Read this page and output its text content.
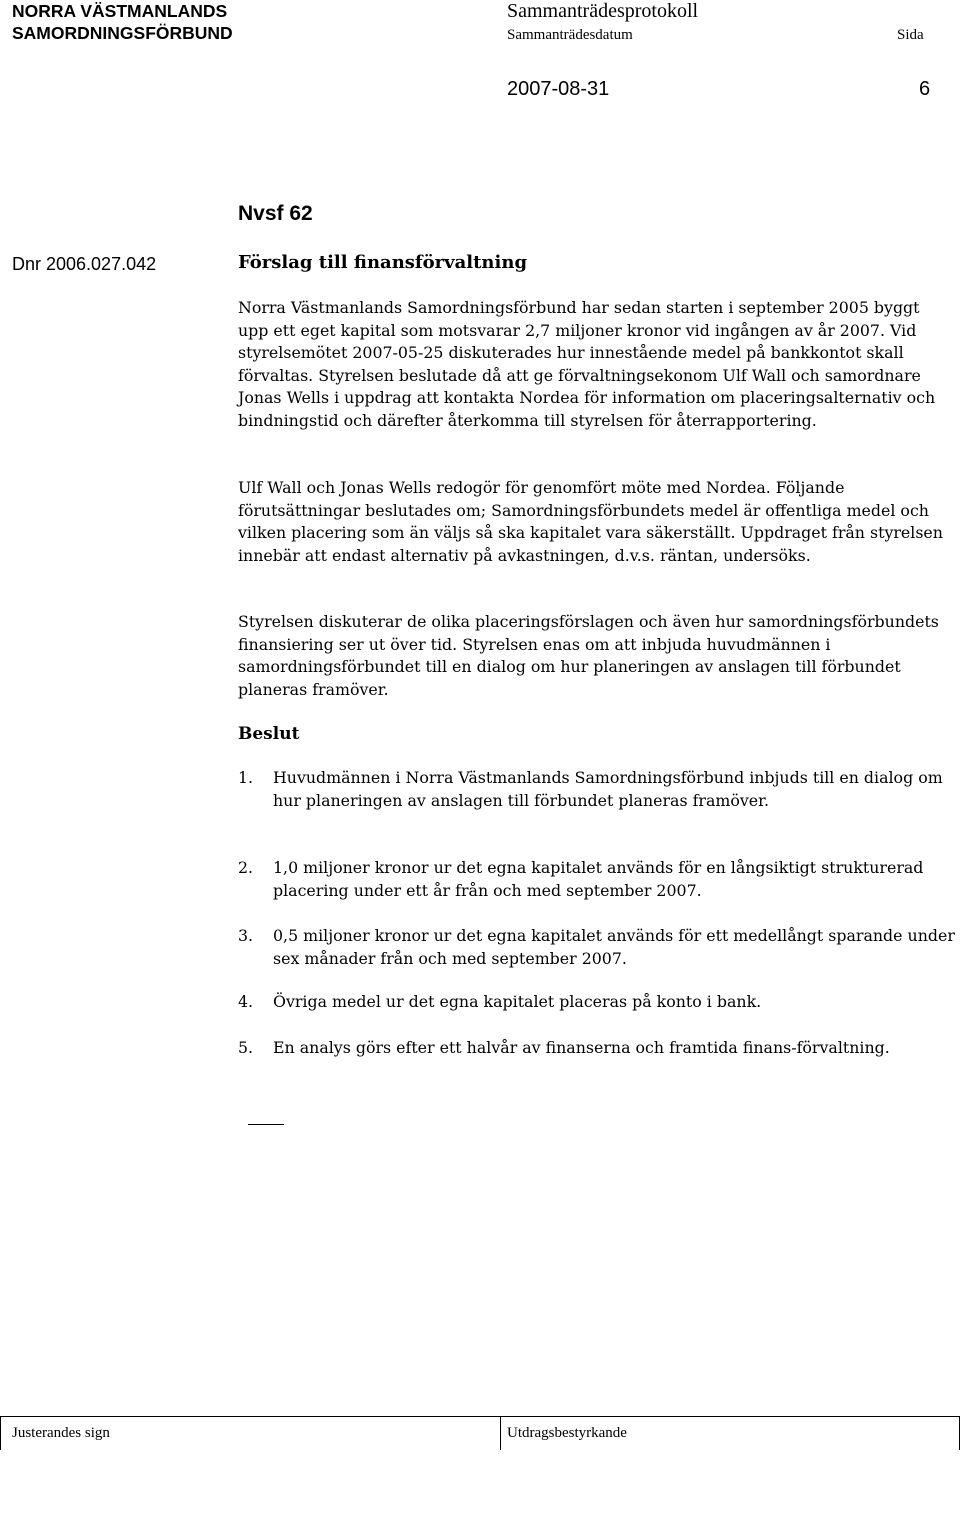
NORRA VÄSTMANLANDS
SAMORDNINGSFÖRBUND
Sammanträdesprotokoll
Sammanträdesdatum	Sida
2007-08-31	6
Nvsf 62
Dnr 2006.027.042	Förslag till finansförvaltning

Norra Västmanlands Samordningsförbund har sedan starten i september 2005 byggt upp ett eget kapital som motsvarar 2,7 miljoner kronor vid ingången av år 2007. Vid styrelsemötet 2007-05-25 diskuterades hur innestående medel på bankkontot skall förvaltas. Styrelsen beslutade då att ge förvaltningsekonom Ulf Wall och samordnare Jonas Wells i uppdrag att kontakta Nordea för information om placeringsalternativ och bindningstid och därefter återkomma till styrelsen för återrapportering.

Ulf Wall och Jonas Wells redogör för genomfört möte med Nordea. Följande förutsättningar beslutades om; Samordningsförbundets medel är offentliga medel och vilken placering som än väljs så ska kapitalet vara säkerställt. Uppdraget från styrelsen innebär att endast alternativ på avkastningen, d.v.s. räntan, undersöks.

Styrelsen diskuterar de olika placeringsförslagen och även hur samordningsförbundets finansiering ser ut över tid. Styrelsen enas om att inbjuda huvudmännen i samordningsförbundet till en dialog om hur planeringen av anslagen till förbundet planeras framöver.

Beslut
1.	Huvudmännen i Norra Västmanlands Samordningsförbund inbjuds till en dialog om hur planeringen av anslagen till förbundet planeras framöver.
2.	1,0 miljoner kronor ur det egna kapitalet används för en långsiktigt strukturerad placering under ett år från och med september 2007.
3.	0,5 miljoner kronor ur det egna kapitalet används för ett medellångt sparande under sex månader från och med september 2007.
4.	Övriga medel ur det egna kapitalet placeras på konto i bank.
5.	En analys görs efter ett halvår av finanserna och framtida finans-förvaltning.
Justerandes sign	Utdragsbestyrkande
